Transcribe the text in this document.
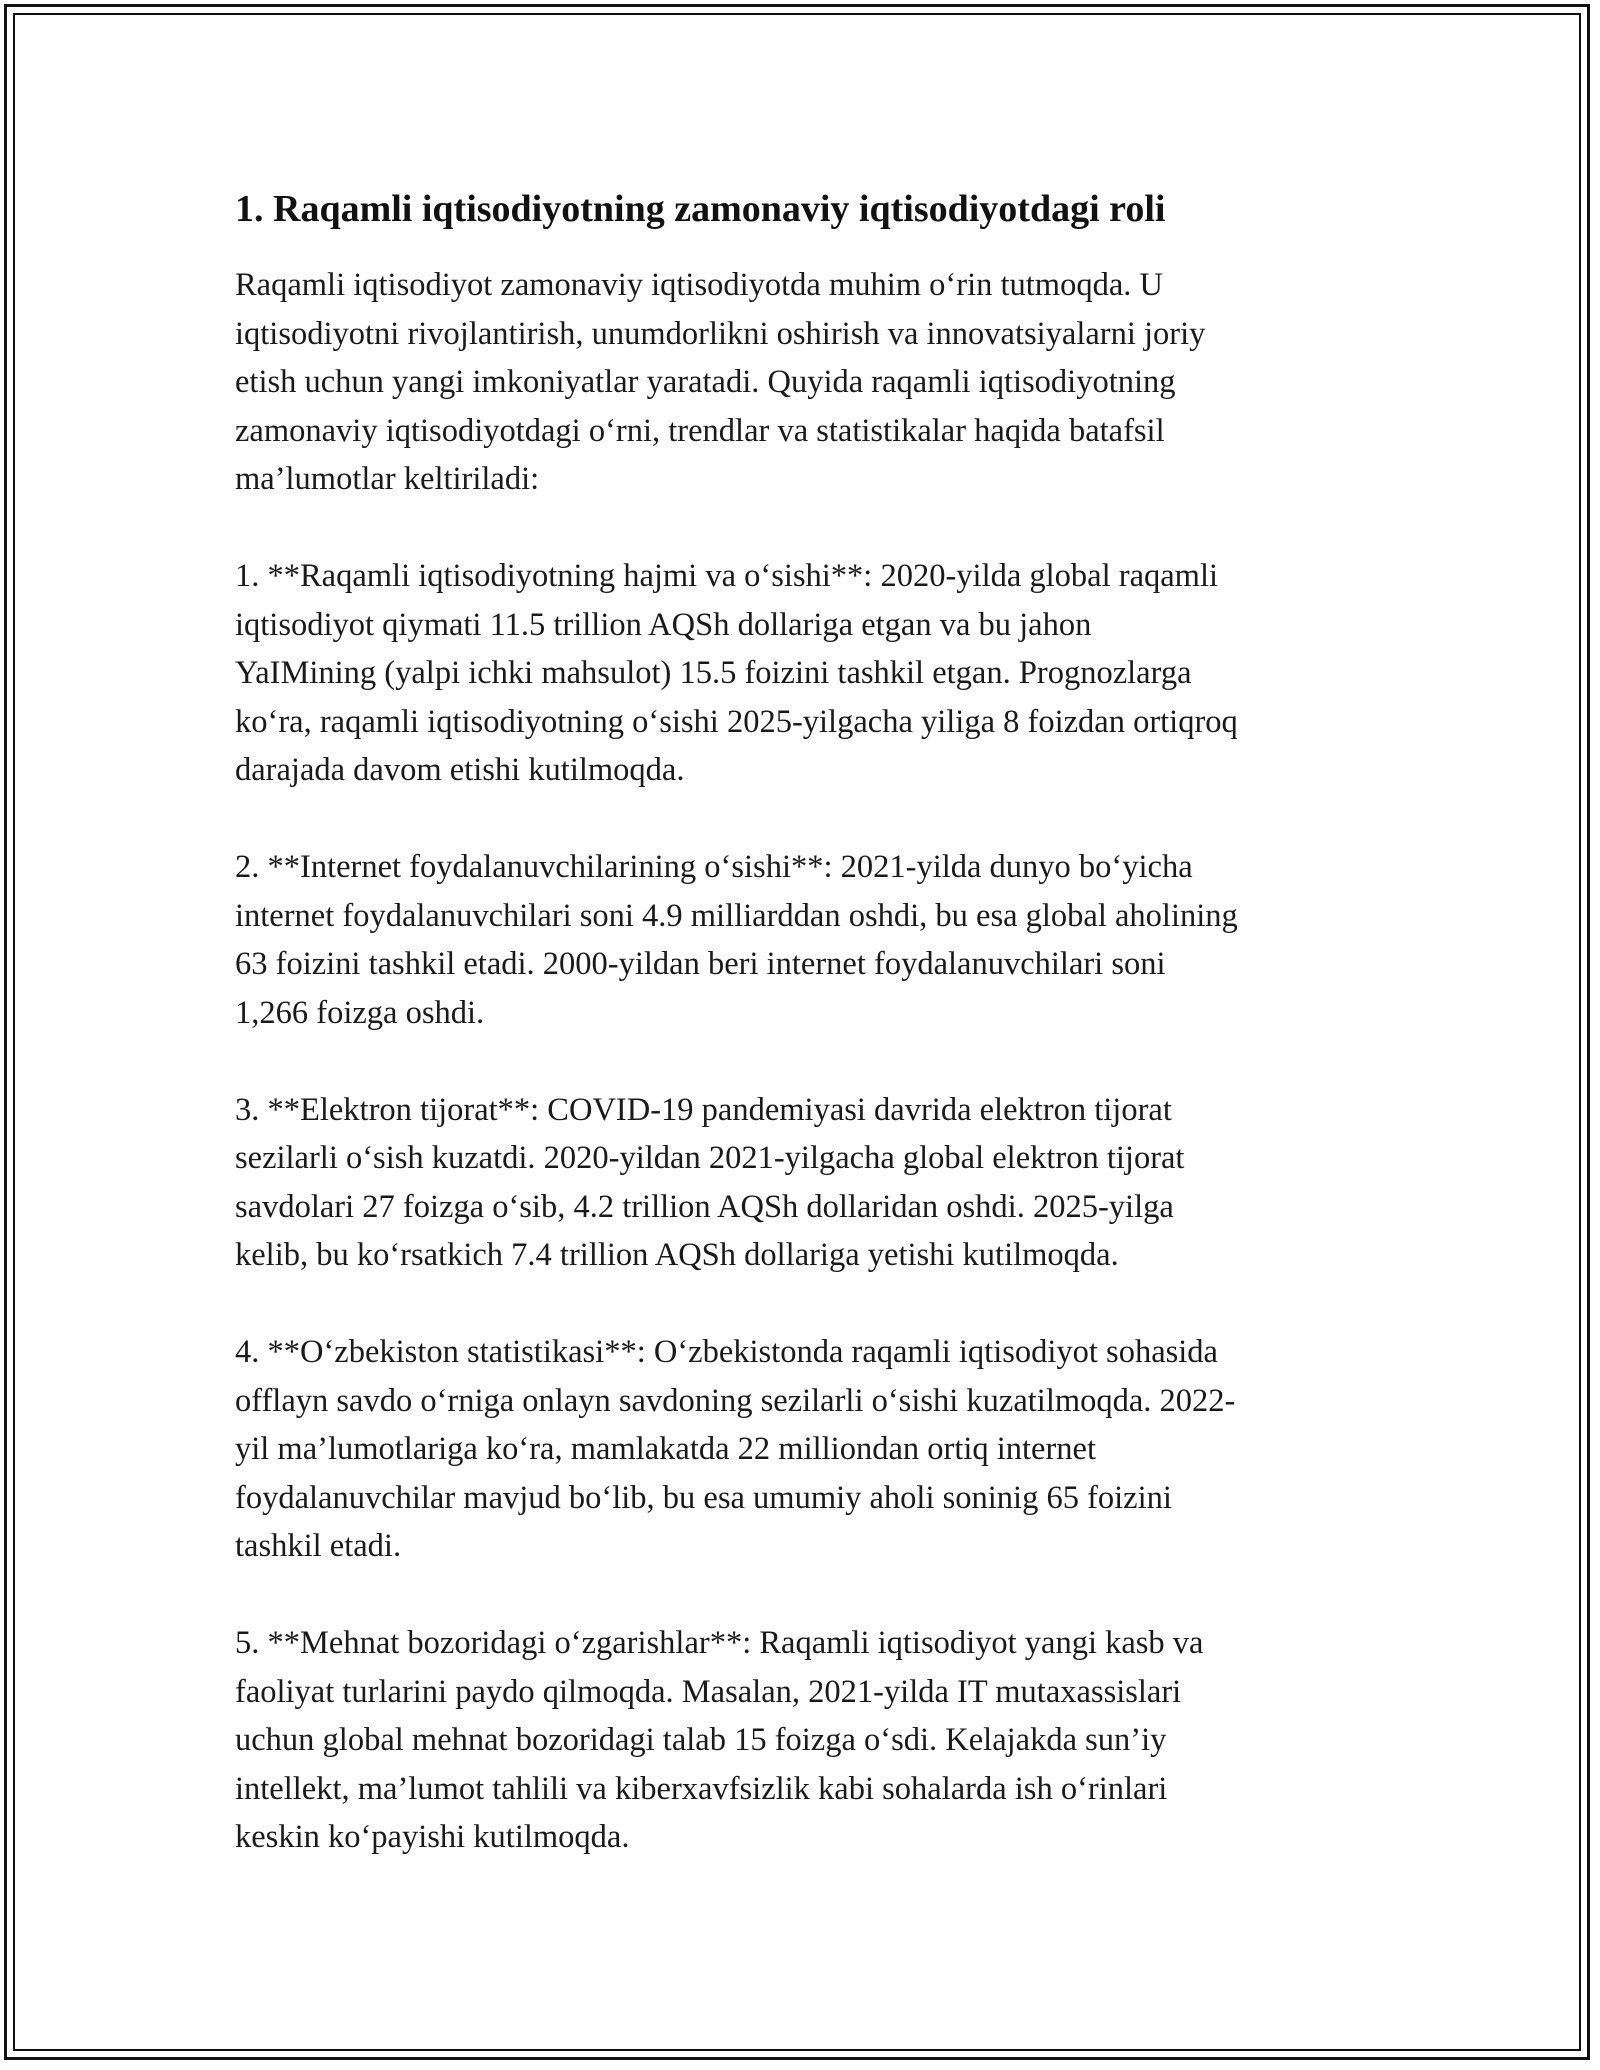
1. Raqamli iqtisodiyotning zamonaviy iqtisodiyotdagi roli

Raqamli iqtisodiyot zamonaviy iqtisodiyotda muhim o‘rin tutmoqda. U
iqtisodiyotni rivojlantirish, unumdorlikni oshirish va innovatsiyalarni joriy
etish uchun yangi imkoniyatlar yaratadi. Quyida raqamli iqtisodiyotning
zamonaviy iqtisodiyotdagi o‘rni, trendlar va statistikalar haqida batafsil
ma’lumotlar keltiriladi:

1. **Raqamli iqtisodiyotning hajmi va o‘sishi**: 2020-yilda global raqamli
iqtisodiyot qiymati 11.5 trillion AQSh dollariga etgan va bu jahon
YaIMining (yalpi ichki mahsulot) 15.5 foizini tashkil etgan. Prognozlarga
ko‘ra, raqamli iqtisodiyotning o‘sishi 2025-yilgacha yiliga 8 foizdan ortiqroq
darajada davom etishi kutilmoqda.

2. **Internet foydalanuvchilarining o‘sishi**: 2021-yilda dunyo bo‘yicha
internet foydalanuvchilari soni 4.9 milliarddan oshdi, bu esa global aholining
63 foizini tashkil etadi. 2000-yildan beri internet foydalanuvchilari soni
1,266 foizga oshdi.

3. **Elektron tijorat**: COVID-19 pandemiyasi davrida elektron tijorat
sezilarli o‘sish kuzatdi. 2020-yildan 2021-yilgacha global elektron tijorat
savdolari 27 foizga o‘sib, 4.2 trillion AQSh dollaridan oshdi. 2025-yilga
kelib, bu ko‘rsatkich 7.4 trillion AQSh dollariga yetishi kutilmoqda.

4. **O‘zbekiston statistikasi**: O‘zbekistonda raqamli iqtisodiyot sohasida
offlayn savdo o‘rniga onlayn savdoning sezilarli o‘sishi kuzatilmoqda. 2022-
yil ma’lumotlariga ko‘ra, mamlakatda 22 milliondan ortiq internet
foydalanuvchilar mavjud bo‘lib, bu esa umumiy aholi soninig 65 foizini
tashkil etadi.

5. **Mehnat bozoridagi o‘zgarishlar**: Raqamli iqtisodiyot yangi kasb va
faoliyat turlarini paydo qilmoqda. Masalan, 2021-yilda IT mutaxassislari
uchun global mehnat bozoridagi talab 15 foizga o‘sdi. Kelajakda sun’iy
intellekt, ma’lumot tahlili va kiberxavfsizlik kabi sohalarda ish o‘rinlari
keskin ko‘payishi kutilmoqda.
